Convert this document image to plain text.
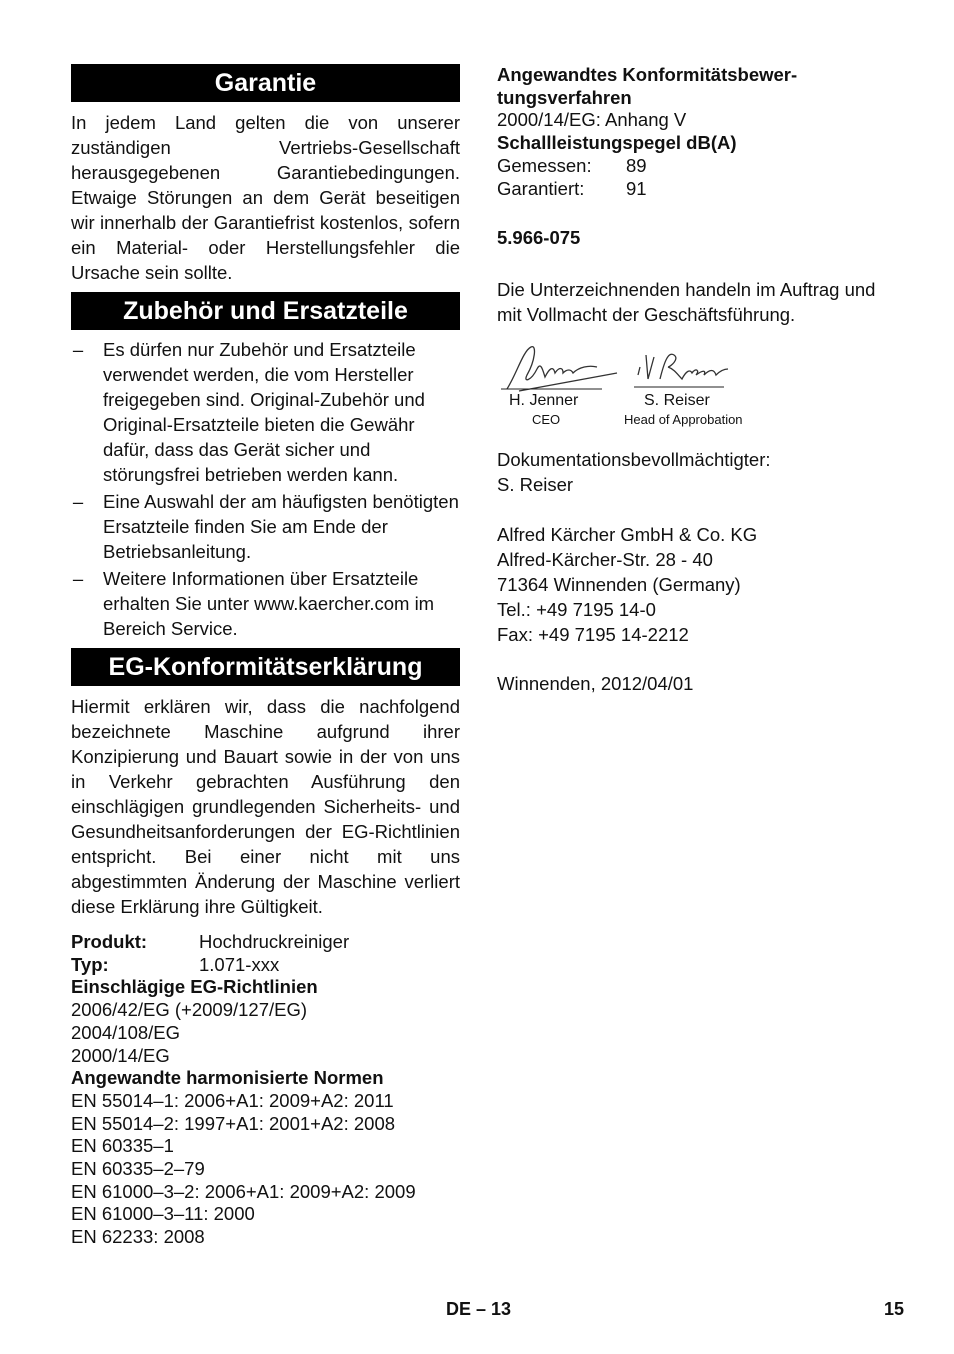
Garantie

In jedem Land gelten die von unserer zuständigen Vertriebs-Gesellschaft herausgegebenen Garantiebedingungen. Etwaige Störungen an dem Gerät beseitigen wir innerhalb der Garantiefrist kostenlos, sofern ein Material- oder Herstellungsfehler die Ursache sein sollte.

Zubehör und Ersatzteile
– Es dürfen nur Zubehör und Ersatzteile verwendet werden, die vom Hersteller freigegeben sind. Original-Zubehör und Original-Ersatzteile bieten die Gewähr dafür, dass das Gerät sicher und störungsfrei betrieben werden kann.
– Eine Auswahl der am häufigsten benötigten Ersatzteile finden Sie am Ende der Betriebsanleitung.
– Weitere Informationen über Ersatzteile erhalten Sie unter www.kaercher.com im Bereich Service.
EG-Konformitätserklärung

Hiermit erklären wir, dass die nachfolgend bezeichnete Maschine aufgrund ihrer Konzipierung und Bauart sowie in der von uns in Verkehr gebrachten Ausführung den einschlägigen grundlegenden Sicherheits- und Gesundheitsanforderungen der EG-Richtlinien entspricht. Bei einer nicht mit uns abgestimmten Änderung der Maschine verliert diese Erklärung ihre Gültigkeit.

Produkt:	Hochdruckreiniger
Typ:	1.071-xxx
Einschlägige EG-Richtlinien
2006/42/EG (+2009/127/EG)
2004/108/EG
2000/14/EG
Angewandte harmonisierte Normen
EN 55014–1: 2006+A1: 2009+A2: 2011
EN 55014–2: 1997+A1: 2001+A2: 2008
EN 60335–1
EN 60335–2–79
EN 61000–3–2: 2006+A1: 2009+A2: 2009
EN 61000–3–11: 2000
EN 62233: 2008
Angewandtes Konformitätsbewer-
tungsverfahren
2000/14/EG: Anhang V
Schallleistungspegel dB(A)
Gemessen:	89
Garantiert:	91
5.966-075

Die Unterzeichnenden handeln im Auftrag und mit Vollmacht der Geschäftsführung.

H. Jenner
CEO
S. Reiser
Head of Approbation
Dokumentationsbevollmächtigter:
S. Reiser
Alfred Kärcher GmbH & Co. KG
Alfred-Kärcher-Str. 28 - 40
71364 Winnenden (Germany)
Tel.: +49 7195 14-0
Fax: +49 7195 14-2212
Winnenden, 2012/04/01
DE – 13	15
